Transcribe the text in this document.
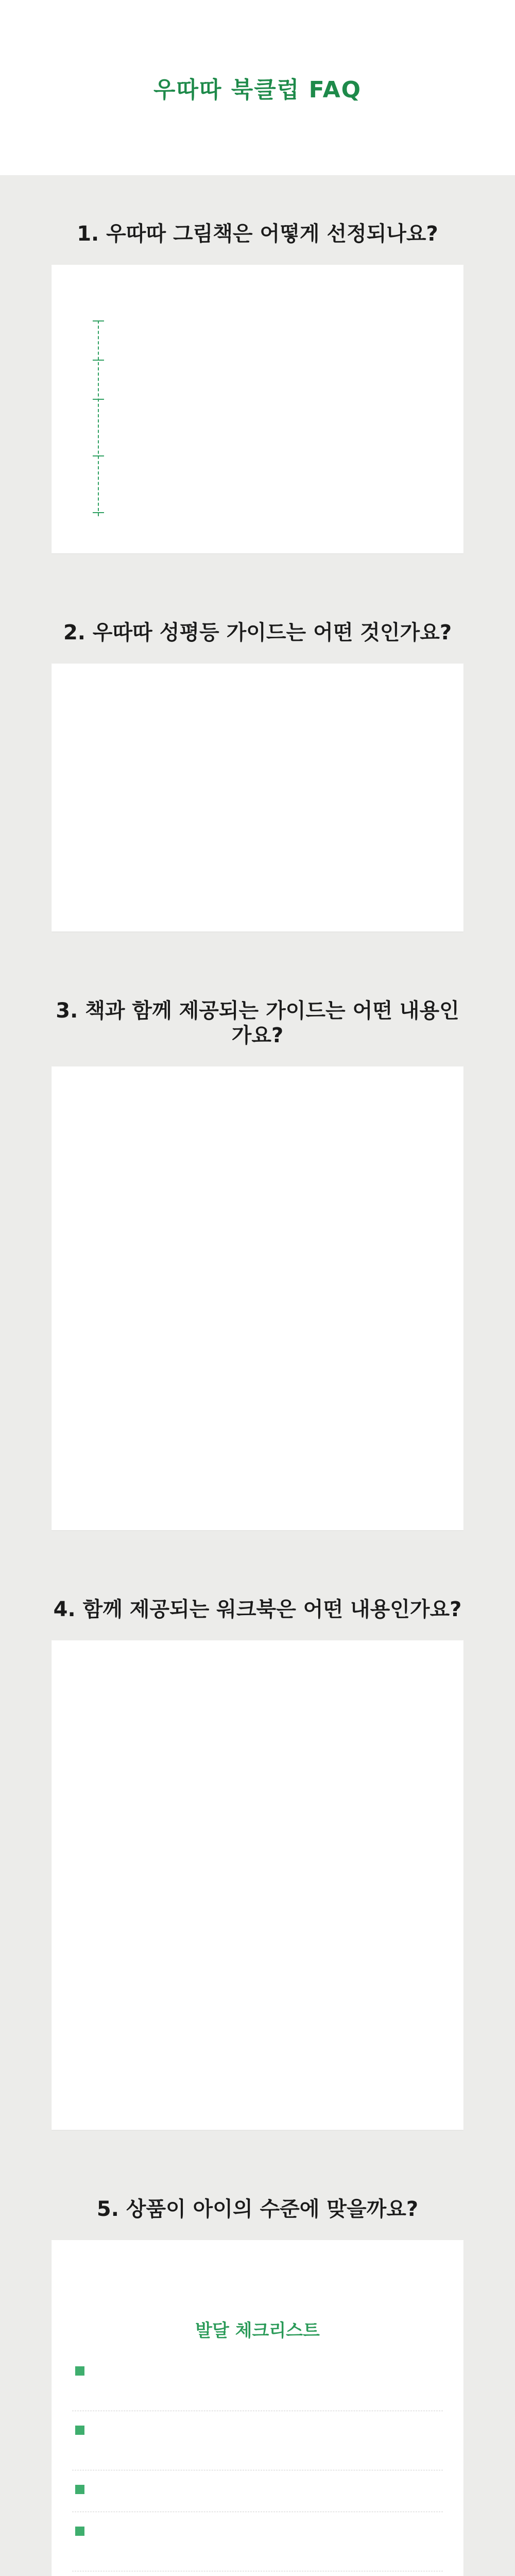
우따따 북클럽 FAQ
1. 우따따 그림책은 어떻게 선정되나요?

2. 우따따 성평등 가이드는 어떤 것인가요?

3. 책과 함께 제공되는 가이드는 어떤 내용인가요?

4. 함께 제공되는 워크북은 어떤 내용인가요?

5. 상품이 아이의 수준에 맞을까요?

발달 체크리스트
